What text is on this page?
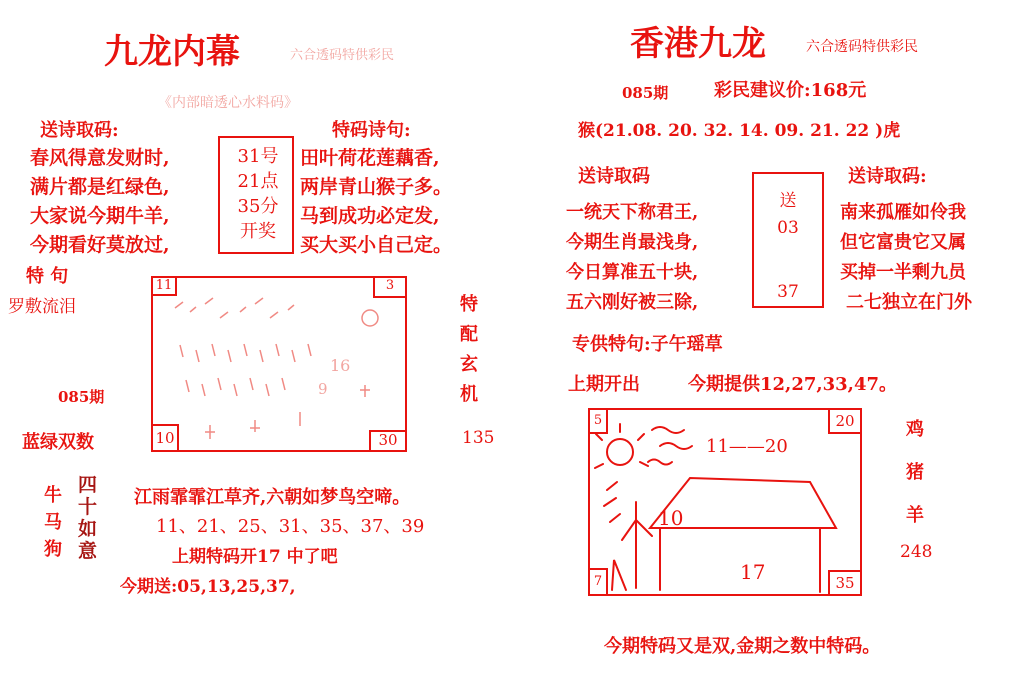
九龙内幕	六合透码特供彩民
《内部暗透心水料码》
送诗取码:
春风得意发财时,
满片都是红绿色,
大家说今期牛羊,
今期看好莫放过,
31号
21点
35分
开奖
特码诗句:
田叶荷花莲藕香,
两岸青山猴子多。
马到成功必定发,
买大买小自己定。
特 句
罗敷流泪
085期
蓝绿双数
11	3
10	30
16
9
特
配
玄
机
135
牛
马
狗
四
十
如
意
江雨霏霏江草齐,六朝如梦鸟空啼。
11、21、25、31、35、37、39
上期特码开17 中了吧
今期送:05,13,25,37,
香港九龙	六合透码特供彩民
085期	彩民建议价:168元
猴(21.08. 20. 32. 14. 09. 21. 22 )虎
送诗取码
一统天下称君王,
今期生肖最浅身,
今日算准五十块,
五六刚好被三除,
送
03
37
送诗取码:
南来孤雁如伶我
但它富贵它又属
买掉一半剩九员
二七独立在门外
专供特句:子午瑶草
上期开出	今期提供12,27,33,47。
5	20
7	35
11——20
10
17
鸡
猪
羊
248
今期特码又是双,金期之数中特码。
